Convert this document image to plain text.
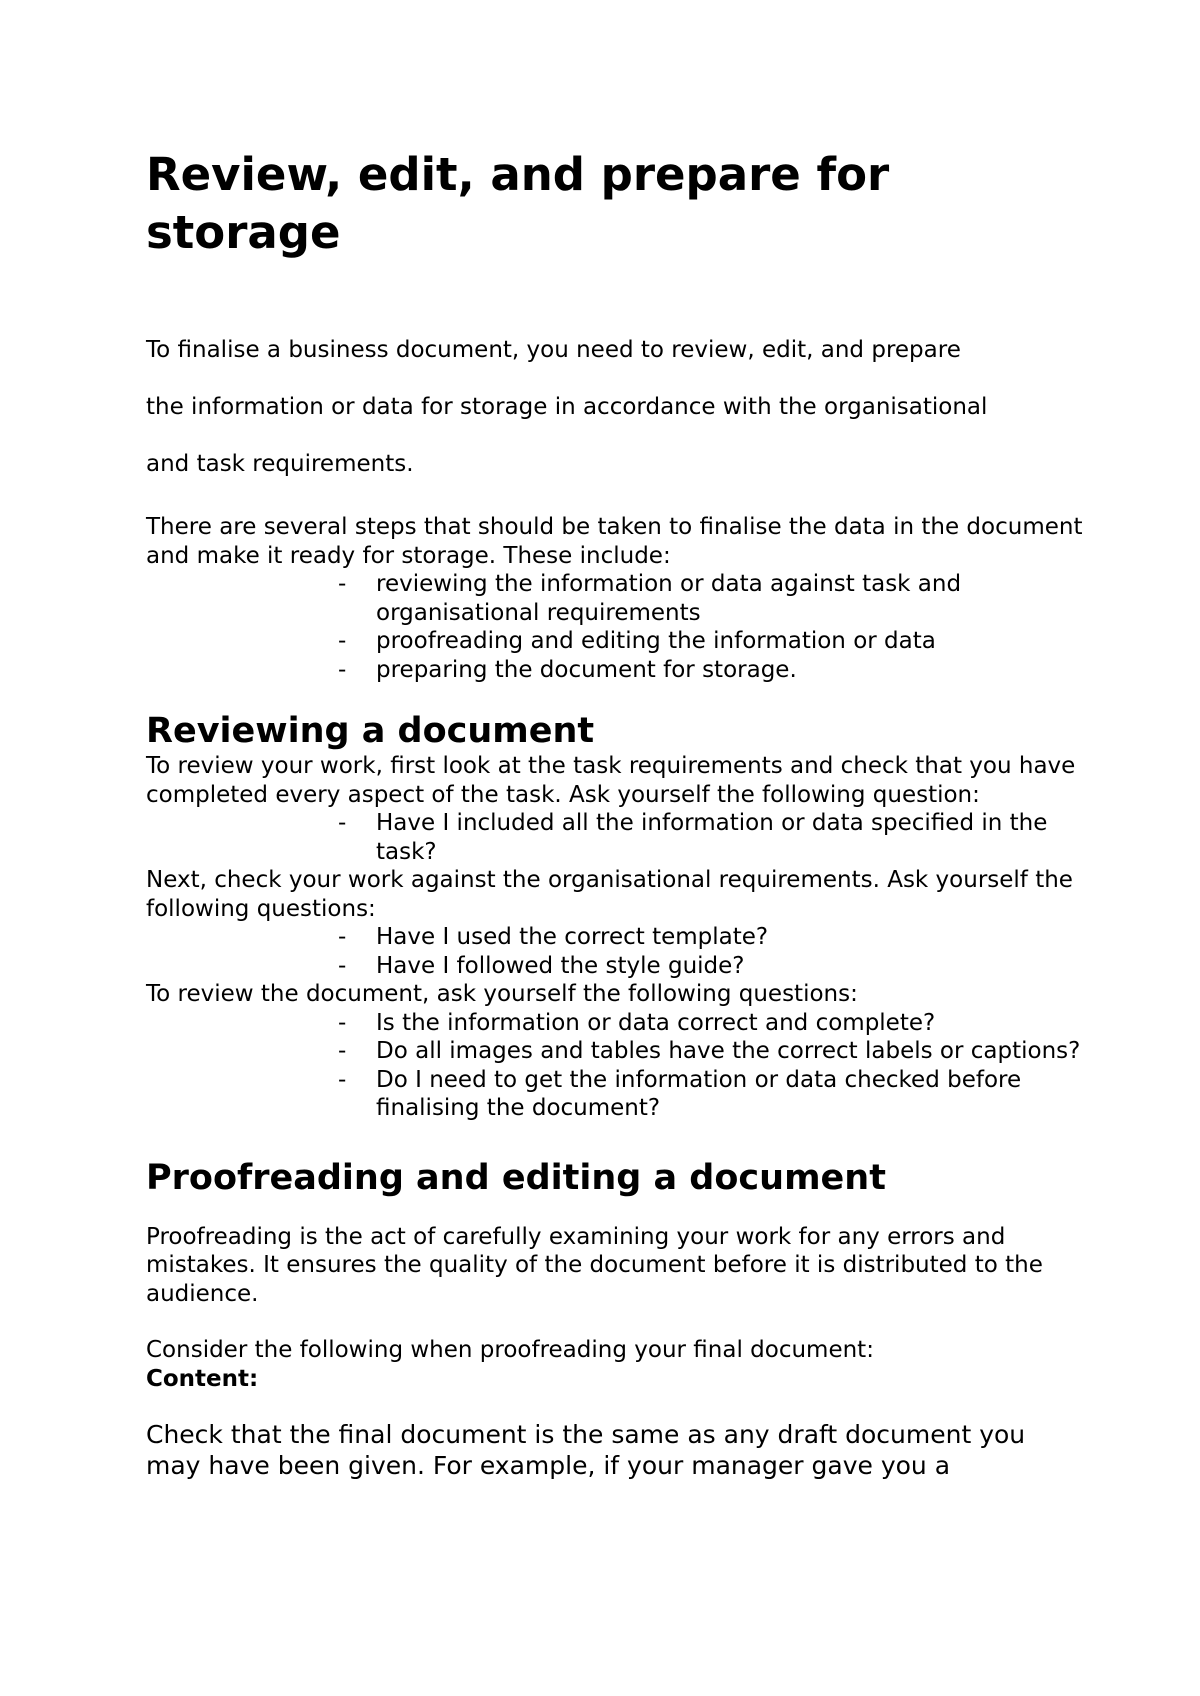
Review, edit, and prepare for storage
To finalise a business document, you need to review, edit, and prepare
the information or data for storage in accordance with the organisational
and task requirements.

There are several steps that should be taken to finalise the data in the document and make it ready for storage. These include:

- reviewing the information or data against task and organisational requirements
- proofreading and editing the information or data
- preparing the document for storage.
Reviewing a document

To review your work, first look at the task requirements and check that you have completed every aspect of the task. Ask yourself the following question:

- Have I included all the information or data specified in the task?

Next, check your work against the organisational requirements. Ask yourself the following questions:

- Have I used the correct template?
- Have I followed the style guide?

To review the document, ask yourself the following questions:

- Is the information or data correct and complete?
- Do all images and tables have the correct labels or captions?
- Do I need to get the information or data checked before finalising the document?
Proofreading and editing a document

Proofreading is the act of carefully examining your work for any errors and mistakes. It ensures the quality of the document before it is distributed to the audience.

Consider the following when proofreading your final document:

Content:

Check that the final document is the same as any draft document you may have been given. For example, if your manager gave you a
